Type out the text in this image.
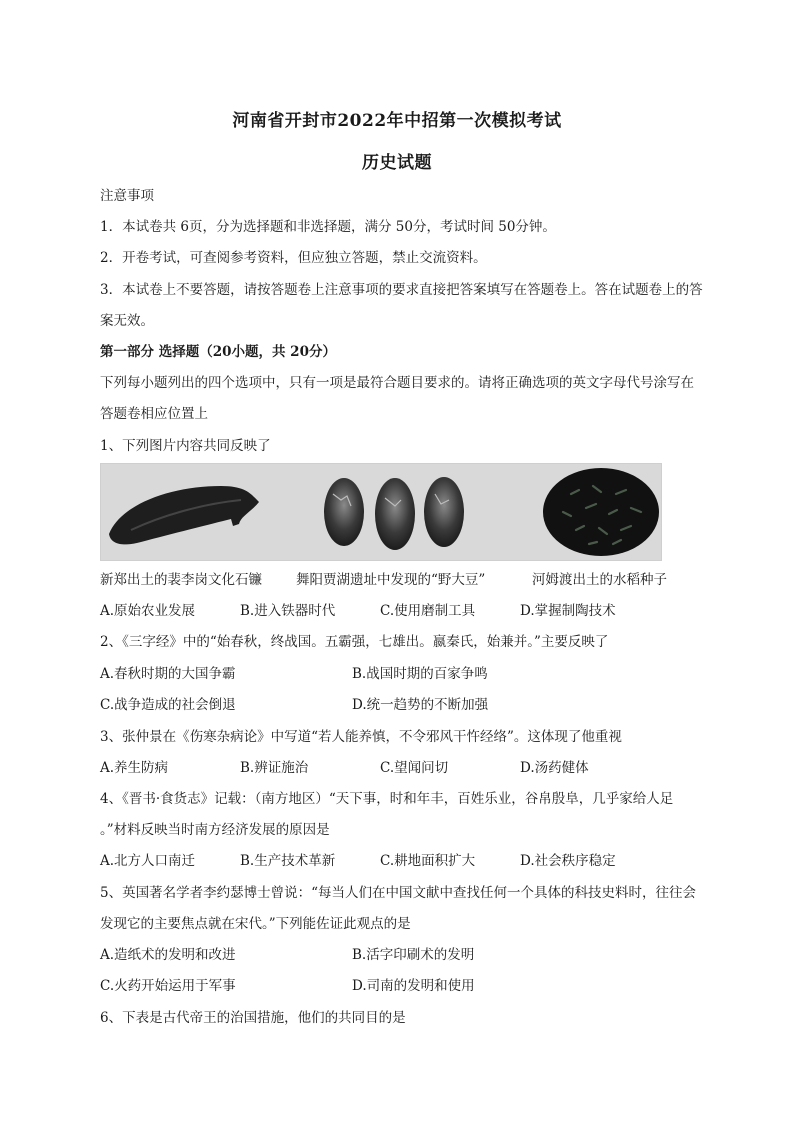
河南省开封市2022年中招第一次模拟考试
历史试题
注意事项
1．本试卷共 6页，分为选择题和非选择题，满分 50分，考试时间 50分钟。
2．开卷考试，可查阅参考资料，但应独立答题，禁止交流资料。
3．本试卷上不要答题，请按答题卷上注意事项的要求直接把答案填写在答题卷上。答在试题卷上的答
案无效。
第一部分 选择题（20小题，共 20分）
下列每小题列出的四个选项中，只有一项是最符合题目要求的。请将正确选项的英文字母代号涂写在
答题卷相应位置上
1、下列图片内容共同反映了
新郑出土的裴李岗文化石镰	舞阳贾湖遗址中发现的“野大豆”	河姆渡出土的水稻种子
A.原始农业发展	B.进入铁器时代	C.使用磨制工具	D.掌握制陶技术
2、《三字经》中的“始春秋，终战国。五霸强，七雄出。嬴秦氏，始兼并。”主要反映了
A.春秋时期的大国争霸	B.战国时期的百家争鸣
C.战争造成的社会倒退	D.统一趋势的不断加强
3、张仲景在《伤寒杂病论》中写道“若人能养慎，不令邪风干忤经络”。这体现了他重视
A.养生防病	B.辨证施治	C.望闻问切	D.汤药健体
4、《晋书·食货志》记载：（南方地区）“天下事，时和年丰，百姓乐业，谷帛殷阜，几乎家给人足
。”材料反映当时南方经济发展的原因是
A.北方人口南迁	B.生产技术革新	C.耕地面积扩大	D.社会秩序稳定
5、英国著名学者李约瑟博士曾说：“每当人们在中国文献中查找任何一个具体的科技史料时，往往会
发现它的主要焦点就在宋代。”下列能佐证此观点的是
A.造纸术的发明和改进	B.活字印刷术的发明
C.火药开始运用于军事	D.司南的发明和使用
6、下表是古代帝王的治国措施，他们的共同目的是
